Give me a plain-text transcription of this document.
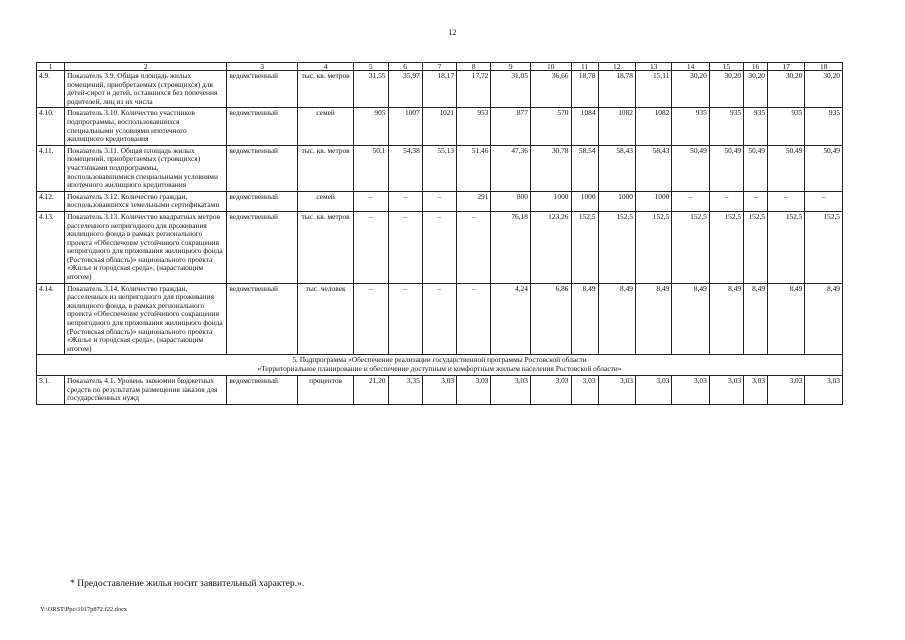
12
1	2	3	4	5	6	7	8	9	10	11	12	13	14	15	16	17	18
4.9.	Показатель 3.9. Общая площадь жилых помещений, приобретаемых (строящихся) для детей-сирот и детей, оставшихся без попечения родителей, лиц из их числа	ведомственный	тыс. кв. метров	31,55	35,97	18,17	17,72	31,05	36,66	18,78	18,78	15,11	30,20	30,20	30,20	30,20	30,20
4.10.	Показатель 3.10. Количество участников подпрограммы, воспользовавшихся специальными условиями ипотечного жилищного кредитования	ведомственный	семей	905	1007	1021	953	877	570	1084	1082	1082	935	935	935	935	935
4.11.	Показатель 3.11. Общая площадь жилых помещений, приобретаемых (строящихся) участниками подпрограммы, воспользовавшимися специальными условиями ипотечного жилищного кредитования	ведомственный	тыс. кв. метров	50,1	54,38	55,13	51,46	47,36	30,78	58,54	58,43	58,43	50,49	50,49	50,49	50,49	50,49
4.12.	Показатель 3.12. Количество граждан, воспользовавшихся земельными сертификатами	ведомственный	семей	–	–	–	291	800	1000	1000	1000	1000	–	–	–	–	–
4.13.	Показатель 3.13. Количество квадратных метров расселенного непригодного для проживания жилищного фонда в рамках регионального проекта «Обеспечение устойчивого сокращения непригодного для проживания жилищного фонда (Ростовская область)» национального проекта «Жилье и городская среда», (нарастающим итогом)	ведомственный	тыс. кв. метров	–	–	–	–	76,18	123,26	152,5	152,5	152,5	152,5	152,5	152,5	152,5	152,5
4.14.	Показатель 3.14. Количество граждан, расселенных из непригодного для проживания жилищного фонда, в рамках регионального проекта «Обеспечение устойчивого сокращения непригодного для проживания жилищного фонда (Ростовская область)» национального проекта «Жилье и городская среда», (нарастающим итогом)	ведомственный	тыс. человек	–	–	–	–	4,24	6,86	8,49	8,49	8,49	8,49	8,49	8,49	8,49	8,49

5. Подпрограмма «Обеспечение реализации государственной программы Ростовской области
«Территориальное планирование и обеспечение доступным и комфортным жильем населения Ростовской области»																	

5.1.	Показатель 4.1. Уровень экономии бюджетных средств по результатам размещения заказов для государственных нужд	ведомственный	процентов	21,20	3,35	3,03	3,03	3,03	3,03	3,03	3,03	3,03	3,03	3,03	3,03	3,03	3,03
* Предоставление жилья носит заявительный характер.».
Y:\ORST\Ppo\1017p872.f22.docx
